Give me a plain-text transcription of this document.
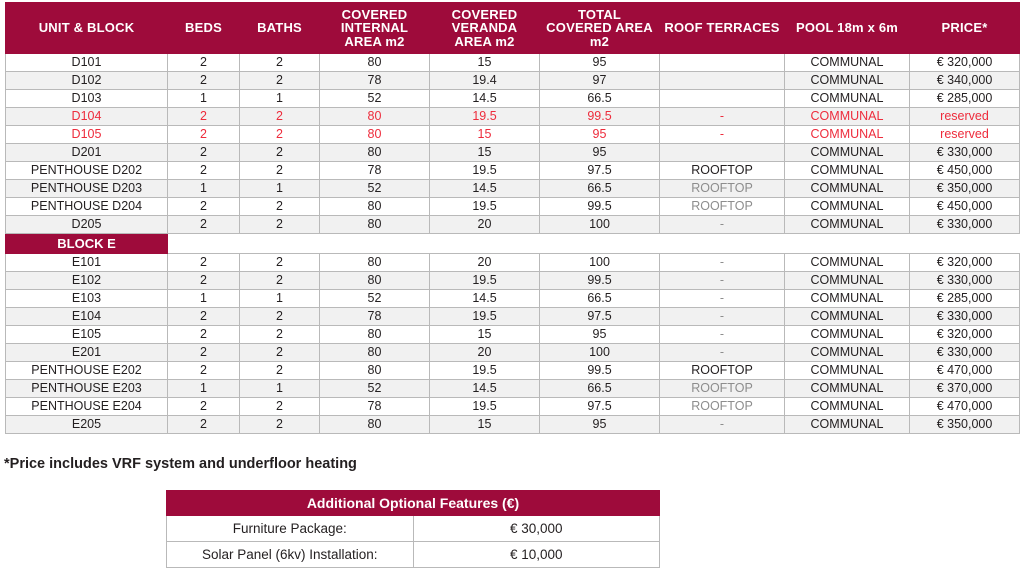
UNIT & BLOCK	BEDS	BATHS	COVERED
INTERNAL
AREA m2	COVERED
VERANDA
AREA m2	TOTAL
COVERED AREA
m2	ROOF TERRACES	POOL 18m x 6m	PRICE*

D101	2	2	80	15	95		COMMUNAL	€ 320,000
D102	2	2	78	19.4	97		COMMUNAL	€ 340,000
D103	1	1	52	14.5	66.5		COMMUNAL	€ 285,000
D104	2	2	80	19.5	99.5	-	COMMUNAL	reserved
D105	2	2	80	15	95	-	COMMUNAL	reserved
D201	2	2	80	15	95		COMMUNAL	€ 330,000
PENTHOUSE D202	2	2	78	19.5	97.5	ROOFTOP	COMMUNAL	€ 450,000
PENTHOUSE D203	1	1	52	14.5	66.5	ROOFTOP	COMMUNAL	€ 350,000
PENTHOUSE D204	2	2	80	19.5	99.5	ROOFTOP	COMMUNAL	€ 450,000
D205	2	2	80	20	100	-	COMMUNAL	€ 330,000
BLOCK E								
E101	2	2	80	20	100	-	COMMUNAL	€ 320,000
E102	2	2	80	19.5	99.5	-	COMMUNAL	€ 330,000
E103	1	1	52	14.5	66.5	-	COMMUNAL	€ 285,000
E104	2	2	78	19.5	97.5	-	COMMUNAL	€ 330,000
E105	2	2	80	15	95	-	COMMUNAL	€ 320,000
E201	2	2	80	20	100	-	COMMUNAL	€ 330,000
PENTHOUSE E202	2	2	80	19.5	99.5	ROOFTOP	COMMUNAL	€ 470,000
PENTHOUSE E203	1	1	52	14.5	66.5	ROOFTOP	COMMUNAL	€ 370,000
PENTHOUSE E204	2	2	78	19.5	97.5	ROOFTOP	COMMUNAL	€ 470,000
E205	2	2	80	15	95	-	COMMUNAL	€ 350,000
*Price includes VRF system and underfloor heating
Additional Optional Features (€)	
Furniture Package:	€ 30,000
Solar Panel (6kv) Installation:	€ 10,000
